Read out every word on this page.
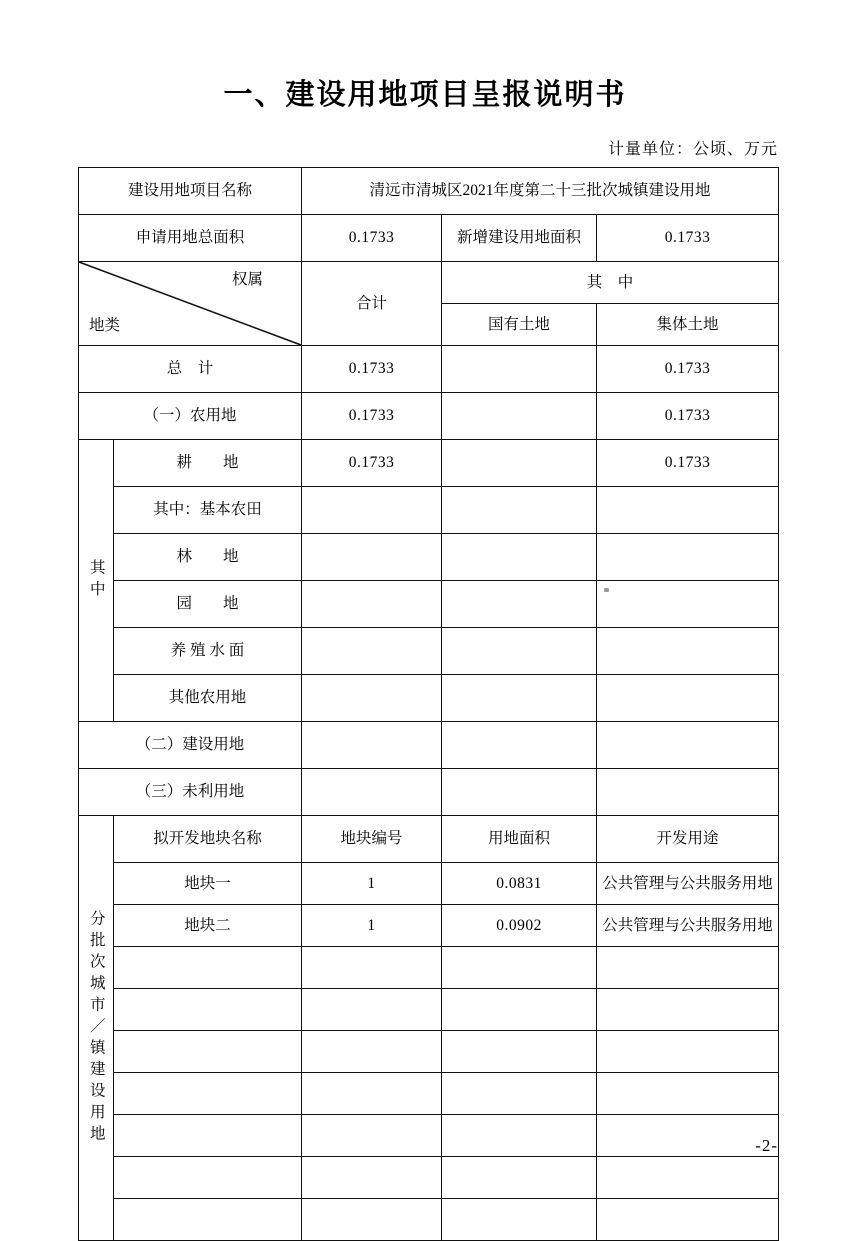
一、建设用地项目呈报说明书
计量单位：公顷、万元
建设用地项目名称		清远市清城区2021年度第二十三批次城镇建设用地		
申请用地总面积		0.1733	新增建设用地面积	0.1733

权属
地类		合计	其　中	
			国有土地	集体土地
总　计		0.1733		0.1733
（一）农用地		0.1733		0.1733

其中	耕　　地	0.1733		0.1733
	其中：基本农田			
	林　　地			
	园　　地			
	养 殖 水 面			
	其他农用地			
（二）建设用地				
（三）未利用地				

分批次城市／镇建设用地	拟开发地块名称	地块编号	用地面积	开发用途
	地块一	1	0.0831	公共管理与公共服务用地
	地块二	1	0.0902	公共管理与公共服务用地

-2-
